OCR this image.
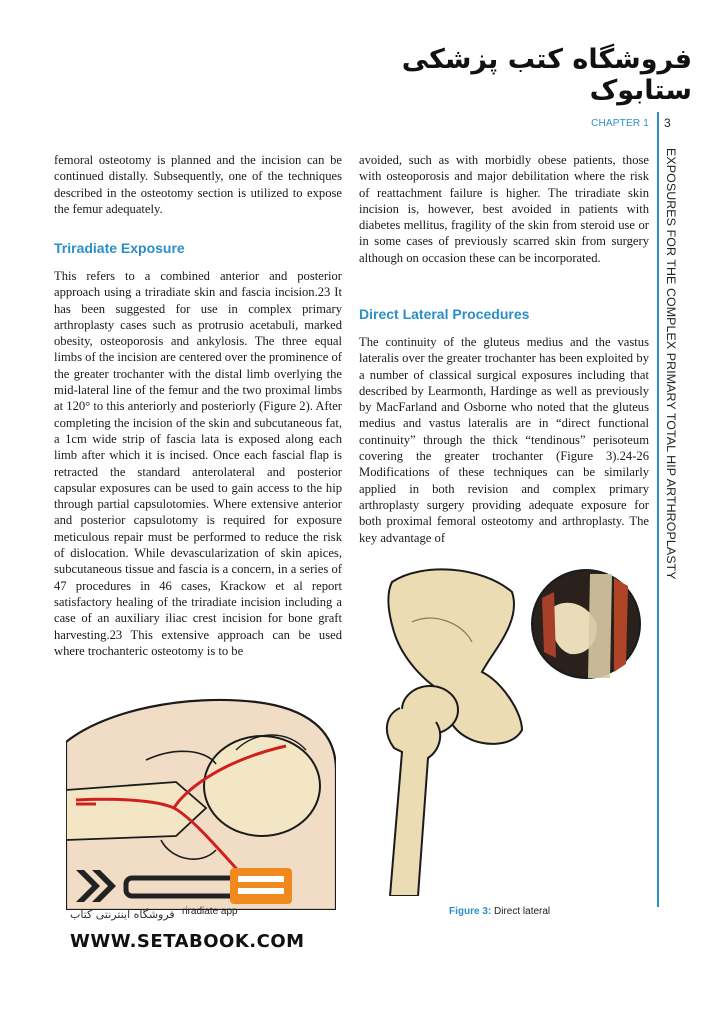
فروشگاه کتب پزشکی ستابوک
CHAPTER 1 3
EXPOSURES FOR THE COMPLEX PRIMARY TOTAL HIP ARTHROPLASTY

femoral osteotomy is planned and the incision can be continued distally. Subsequently, one of the techniques described in the osteotomy section is utilized to expose the femur adequately.

Triradiate Exposure

This refers to a combined anterior and posterior approach using a triradiate skin and fascia incision.23 It has been suggested for use in complex primary arthroplasty cases such as protrusio acetabuli, marked obesity, osteoporosis and ankylosis. The three equal limbs of the incision are centered over the prominence of the greater trochanter with the distal limb overlying the mid-lateral line of the femur and the two proximal limbs at 120° to this anteriorly and posteriorly (Figure 2). After completing the incision of the skin and subcutaneous fat, a 1cm wide strip of fascia lata is exposed along each limb after which it is incised. Once each fascial flap is retracted the standard anterolateral and posterior capsular exposures can be used to gain access to the hip through partial capsulotomies. Where extensive anterior and posterior capsulotomy is required for exposure meticulous repair must be performed to reduce the risk of dislocation. While devascularization of skin apices, subcutaneous tissue and fascia is a concern, in a series of 47 procedures in 46 cases, Krackow et al report satisfactory healing of the triradiate incision including a case of an auxiliary iliac crest incision for bone graft harvesting.23 This extensive approach can be used where trochanteric osteotomy is to be

avoided, such as with morbidly obese patients, those with osteoporosis and major debilitation where the risk of reattachment failure is higher. The triradiate skin incision is, however, best avoided in patients with diabetes mellitus, fragility of the skin from steroid use or in some cases of previously scarred skin from surgery although on occasion these can be incorporated.

Direct Lateral Procedures

The continuity of the gluteus medius and the vastus lateralis over the greater trochanter has been exploited by a number of classical surgical exposures including that described by Learmonth, Hardinge as well as previously by MacFarland and Osborne who noted that the gluteus medius and vastus lateralis are in “direct functional continuity” through the thick “tendinous” perisoteum covering the greater trochanter (Figure 3).24-26 Modifications of these techniques can be similarly applied in both revision and complex primary arthroplasty surgery providing adequate exposure for both proximal femoral osteotomy and arthroplasty. The key advantage of

riradiate app	Figure 3: Direct lateral
فروشگاه اینترنتی کتاب
WWW.SETABOOK.COM
